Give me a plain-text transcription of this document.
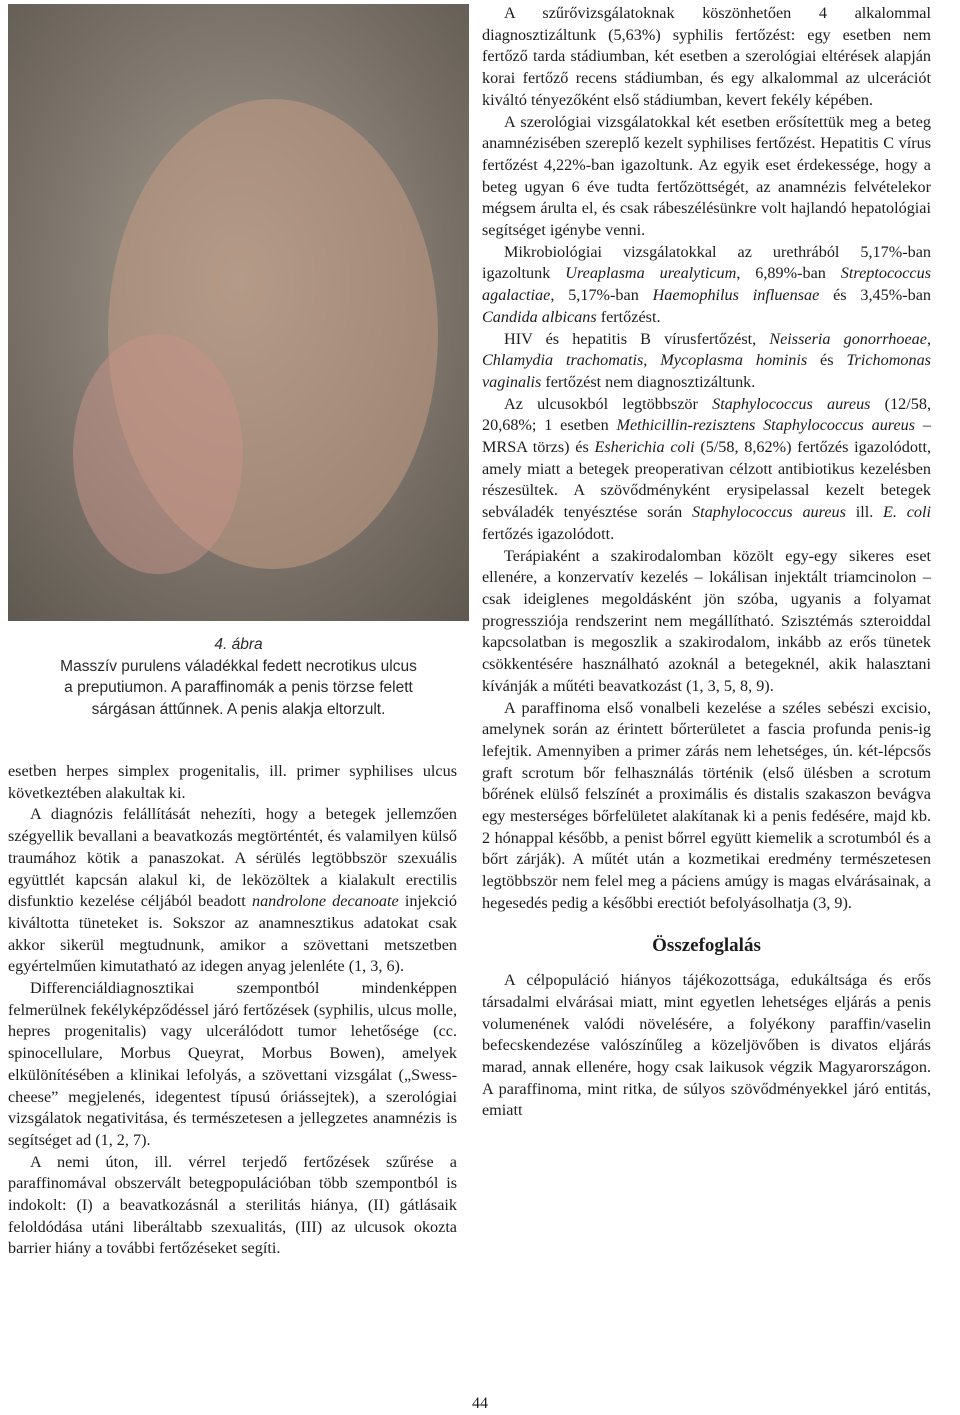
4. ábra
Masszív purulens váladékkal fedett necrotikus ulcus
a preputiumon. A paraffinomák a penis törzse felett
sárgásan áttűnnek. A penis alakja eltorzult.

esetben herpes simplex progenitalis, ill. primer syphilises ulcus következtében alakultak ki.

A diagnózis felállítását nehezíti, hogy a betegek jellemzően szégyellik bevallani a beavatkozás megtörténtét, és valamilyen külső traumához kötik a panaszokat. A sérülés legtöbbször szexuális együttlét kapcsán alakul ki, de leközöltek a kialakult erectilis disfunktio kezelése céljából beadott nandrolone decanoate injekció kiváltotta tüneteket is. Sokszor az anamnesztikus adatokat csak akkor sikerül megtudnunk, amikor a szövettani metszetben egyértelműen kimutatható az idegen anyag jelenléte (1, 3, 6).

Differenciáldiagnosztikai szempontból mindenképpen felmerülnek fekélyképződéssel járó fertőzések (syphilis, ulcus molle, hepres progenitalis) vagy ulcerálódott tumor lehetősége (cc. spinocellulare, Morbus Queyrat, Morbus Bowen), amelyek elkülönítésében a klinikai lefolyás, a szövettani vizsgálat („Swess-cheese” megjelenés, idegentest típusú óriássejtek), a szerológiai vizsgálatok negativitása, és természetesen a jellegzetes anamnézis is segítséget ad (1, 2, 7).

A nemi úton, ill. vérrel terjedő fertőzések szűrése a paraffinomával obszervált betegpopulációban több szempontból is indokolt: (I) a beavatkozásnál a sterilitás hiánya, (II) gátlásaik feloldódása utáni liberáltabb szexualitás, (III) az ulcusok okozta barrier hiány a további fertőzéseket segíti.

A szűrővizsgálatoknak köszönhetően 4 alkalommal diagnosztizáltunk (5,63%) syphilis fertőzést: egy esetben nem fertőző tarda stádiumban, két esetben a szerológiai eltérések alapján korai fertőző recens stádiumban, és egy alkalommal az ulcerációt kiváltó tényezőként első stádiumban, kevert fekély képében.

A szerológiai vizsgálatokkal két esetben erősítettük meg a beteg anamnézisében szereplő kezelt syphilises fertőzést. Hepatitis C vírus fertőzést 4,22%-ban igazoltunk. Az egyik eset érdekessége, hogy a beteg ugyan 6 éve tudta fertőzöttségét, az anamnézis felvételekor mégsem árulta el, és csak rábeszélésünkre volt hajlandó hepatológiai segítséget igénybe venni.

Mikrobiológiai vizsgálatokkal az urethrából 5,17%-ban igazoltunk Ureaplasma urealyticum, 6,89%-ban Streptococcus agalactiae, 5,17%-ban Haemophilus influensae és 3,45%-ban Candida albicans fertőzést.

HIV és hepatitis B vírusfertőzést, Neisseria gonorrhoeae, Chlamydia trachomatis, Mycoplasma hominis és Trichomonas vaginalis fertőzést nem diagnosztizáltunk.

Az ulcusokból legtöbbször Staphylococcus aureus (12/58, 20,68%; 1 esetben Methicillin-rezisztens Staphylococcus aureus – MRSA törzs) és Esherichia coli (5/58, 8,62%) fertőzés igazolódott, amely miatt a betegek preoperativan célzott antibiotikus kezelésben részesültek. A szövődményként erysipelassal kezelt betegek sebváladék tenyésztése során Staphylococcus aureus ill. E. coli fertőzés igazolódott.

Terápiaként a szakirodalomban közölt egy-egy sikeres eset ellenére, a konzervatív kezelés – lokálisan injektált triamcinolon – csak ideiglenes megoldásként jön szóba, ugyanis a folyamat progressziója rendszerint nem megállítható. Szisztémás szteroiddal kapcsolatban is megoszlik a szakirodalom, inkább az erős tünetek csökkentésére használható azoknál a betegeknél, akik halasztani kívánják a műtéti beavatkozást (1, 3, 5, 8, 9).

A paraffinoma első vonalbeli kezelése a széles sebészi excisio, amelynek során az érintett bőrterületet a fascia profunda penis-ig lefejtik. Amennyiben a primer zárás nem lehetséges, ún. két-lépcsős graft scrotum bőr felhasználás történik (első ülésben a scrotum bőrének elülső felszínét a proximális és distalis szakaszon bevágva egy mesterséges bőrfelületet alakítanak ki a penis fedésére, majd kb. 2 hónappal később, a penist bőrrel együtt kiemelik a scrotumból és a bőrt zárják). A műtét után a kozmetikai eredmény természetesen legtöbbször nem felel meg a páciens amúgy is magas elvárásainak, a hegesedés pedig a későbbi erectiót befolyásolhatja (3, 9).

Összefoglalás

A célpopuláció hiányos tájékozottsága, edukáltsága és erős társadalmi elvárásai miatt, mint egyetlen lehetséges eljárás a penis volumenének valódi növelésére, a folyékony paraffin/vaselin befecskendezése valószínűleg a közeljövőben is divatos eljárás marad, annak ellenére, hogy csak laikusok végzik Magyarországon. A paraffinoma, mint ritka, de súlyos szövődményekkel járó entitás, emiatt

44
